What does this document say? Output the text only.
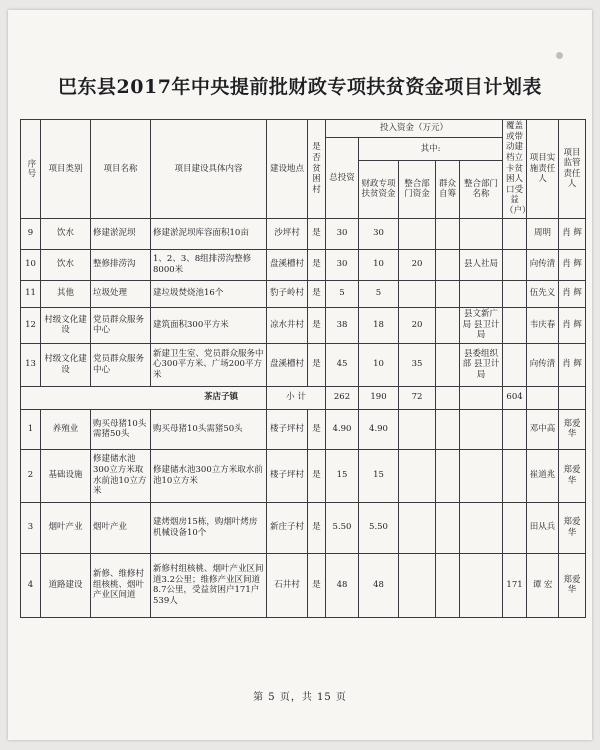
巴东县2017年中央提前批财政专项扶贫资金项目计划表
序号	项目类别	项目名称	项目建设具体内容	建设地点	是否贫困村	投入资金（万元）					覆盖或带动建档立卡贫困人口受益（户）	项目实施责任人	项目监管责任人
						总投资	其中:						
							财政专项扶贫资金	整合部门资金	群众自筹	整合部门名称			
9	饮水	修建淤泥坝	修建淤泥坝库容面积10亩	沙坪村	是	30	30					周明	肖 辉
10	饮水	整修排涝沟	1、2、3、8组排涝沟整修8000米	盘溪槽村	是	30	10	20		县人社局		向传清	肖 辉
11	其他	垃圾处理	建垃圾焚烧池16个	豹子岭村	是	5	5					伍先义	肖 辉
12	村级文化建设	党员群众服务中心	建筑面积300平方米	凉水井村	是	38	18	20		县文新广局 县卫计局		韦庆春	肖 辉
13	村级文化建设	党员群众服务中心	新建卫生室、党员群众服务中心300平方米、广场200平方米	盘溪槽村	是	45	10	35		县委组织部 县卫计局		向传清	肖 辉
茶店子镇				小 计		262	190	72			604		
1	养殖业	购买母猪10头需猪50头	购买母猪10头需猪50头	楼子坪村	是	4.90	4.90					邓中高	郑爱华
2	基础设施	修建储水池300立方米取水前池10立方米	修建储水池300立方米取水前池10立方米	楼子坪村	是	15	15					崔道兆	郑爱华
3	烟叶产业	烟叶产业	建烤烟房15栋，购烟叶烤房机械设备10个	新庄子村	是	5.50	5.50					田从兵	郑爱华
4	道路建设	新修、维修村组核桃、烟叶产业区间道	新修村组核桃、烟叶产业区间道3.2公里；维修产业区间道8.7公里，受益贫困户171户539人	石井村	是	48	48				171	谭 宏	郑爱华
第 5 页，共 15 页
